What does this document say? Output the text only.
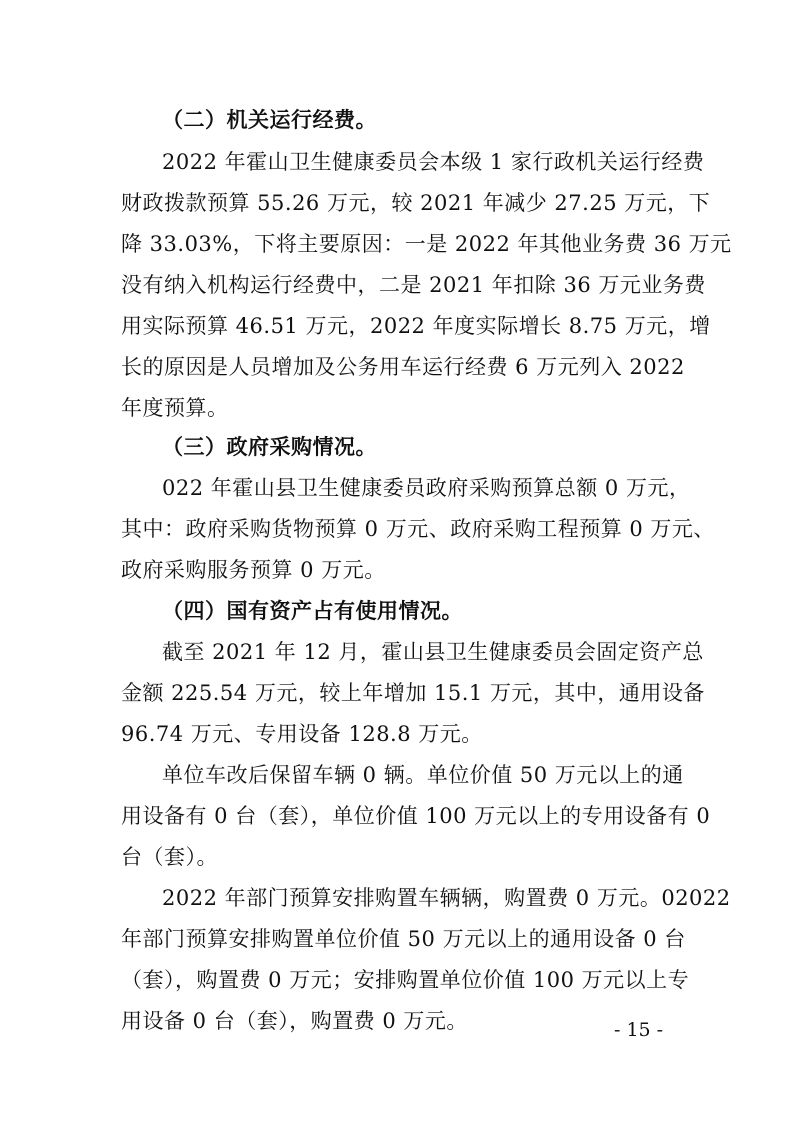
（二）机关运行经费。
2022 年霍山卫生健康委员会本级 1 家行政机关运行经费
财政拨款预算 55.26 万元，较 2021 年减少 27.25 万元，下
降 33.03%，下将主要原因：一是 2022 年其他业务费 36 万元
没有纳入机构运行经费中，二是 2021 年扣除 36 万元业务费
用实际预算 46.51 万元，2022 年度实际增长 8.75 万元，增
长的原因是人员增加及公务用车运行经费 6 万元列入 2022
年度预算。
（三）政府采购情况。
022 年霍山县卫生健康委员政府采购预算总额 0 万元，
其中：政府采购货物预算 0 万元、政府采购工程预算 0 万元、
政府采购服务预算 0 万元。
（四）国有资产占有使用情况。
截至 2021 年 12 月，霍山县卫生健康委员会固定资产总
金额 225.54 万元，较上年增加 15.1 万元，其中，通用设备
96.74 万元、专用设备 128.8 万元。
单位车改后保留车辆 0 辆。单位价值 50 万元以上的通
用设备有 0 台（套），单位价值 100 万元以上的专用设备有 0
台（套）。
2022 年部门预算安排购置车辆辆，购置费 0 万元。02022
年部门预算安排购置单位价值 50 万元以上的通用设备 0 台
（套），购置费 0 万元；安排购置单位价值 100 万元以上专
用设备 0 台（套），购置费 0 万元。	- 15 -
